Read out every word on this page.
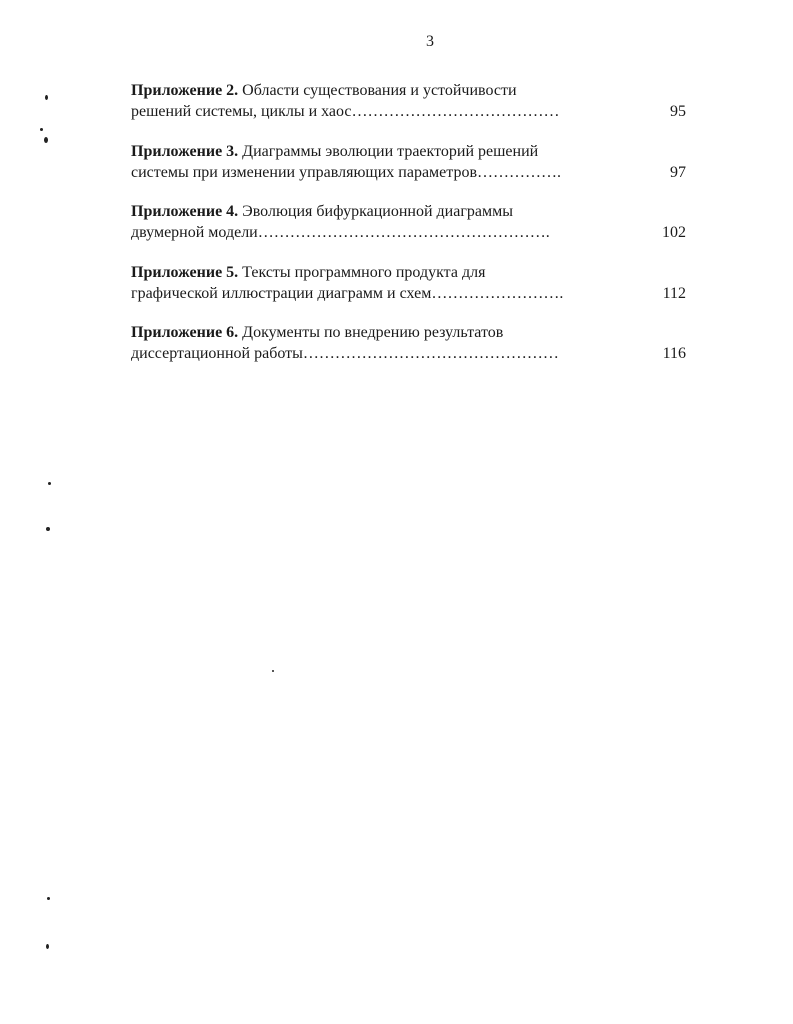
3
Приложение 2. Области существования и устойчивости
решений системы, циклы и хаос…………………………………	95
Приложение 3. Диаграммы эволюции траекторий решений
системы при изменении управляющих параметров…………….	97
Приложение 4. Эволюция бифуркационной диаграммы
двумерной модели……………………………………………….	102
Приложение 5. Тексты программного продукта для
графической иллюстрации диаграмм и схем…………………….	112
Приложение 6. Документы по внедрению результатов
диссертационной работы…………………………………………	116
